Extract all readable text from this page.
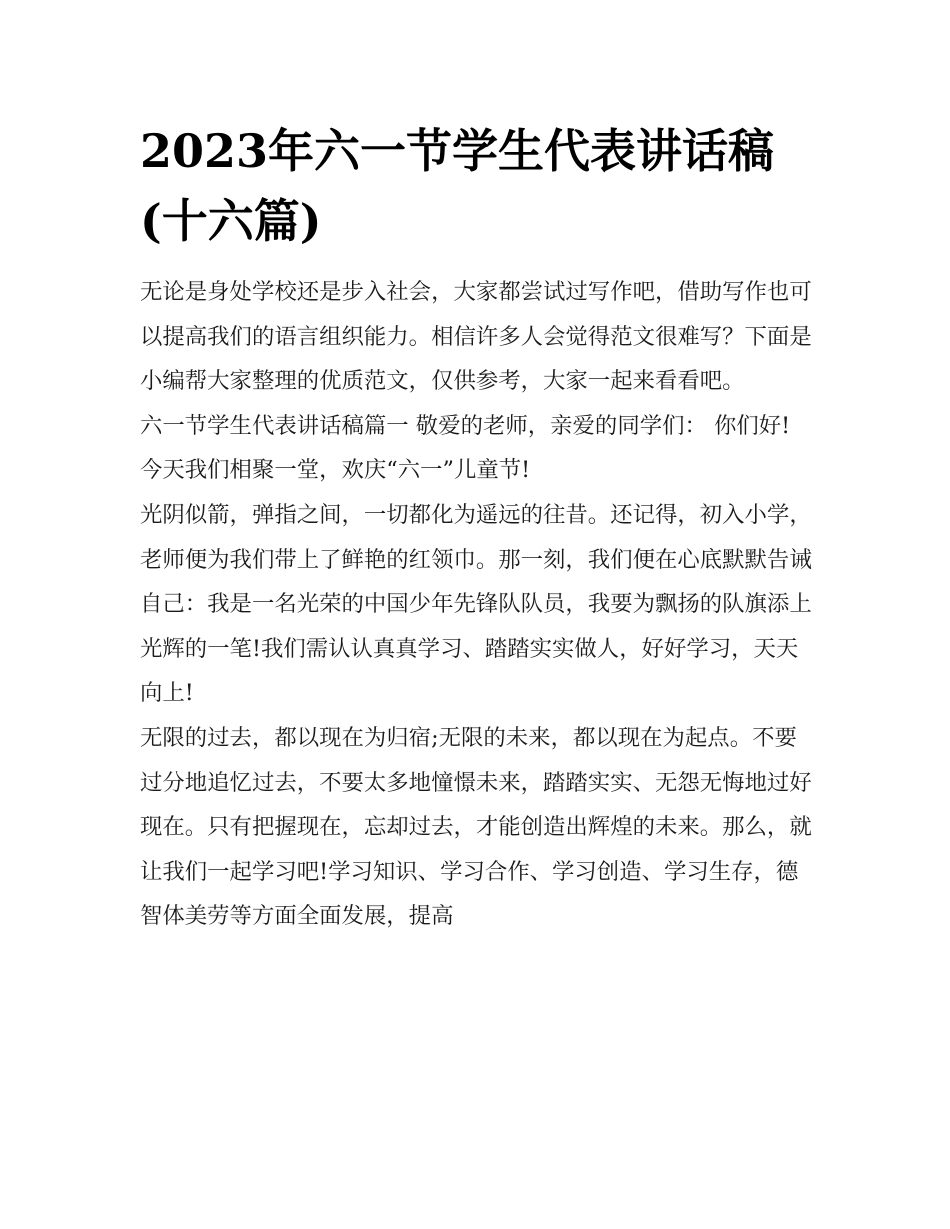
2023年六一节学生代表讲话稿(十六篇)

无论是身处学校还是步入社会，大家都尝试过写作吧，借助写作也可以提高我们的语言组织能力。相信许多人会觉得范文很难写？下面是小编帮大家整理的优质范文，仅供参考，大家一起来看看吧。

六一节学生代表讲话稿篇一 敬爱的老师，亲爱的同学们： 你们好!今天我们相聚一堂，欢庆“六一”儿童节!

光阴似箭，弹指之间，一切都化为遥远的往昔。还记得，初入小学，老师便为我们带上了鲜艳的红领巾。那一刻，我们便在心底默默告诫自己：我是一名光荣的中国少年先锋队队员，我要为飘扬的队旗添上光辉的一笔!我们需认认真真学习、踏踏实实做人，好好学习，天天向上!

无限的过去，都以现在为归宿;无限的未来，都以现在为起点。不要过分地追忆过去，不要太多地憧憬未来，踏踏实实、无怨无悔地过好现在。只有把握现在，忘却过去，才能创造出辉煌的未来。那么，就让我们一起学习吧!学习知识、学习合作、学习创造、学习生存，德智体美劳等方面全面发展，提高
